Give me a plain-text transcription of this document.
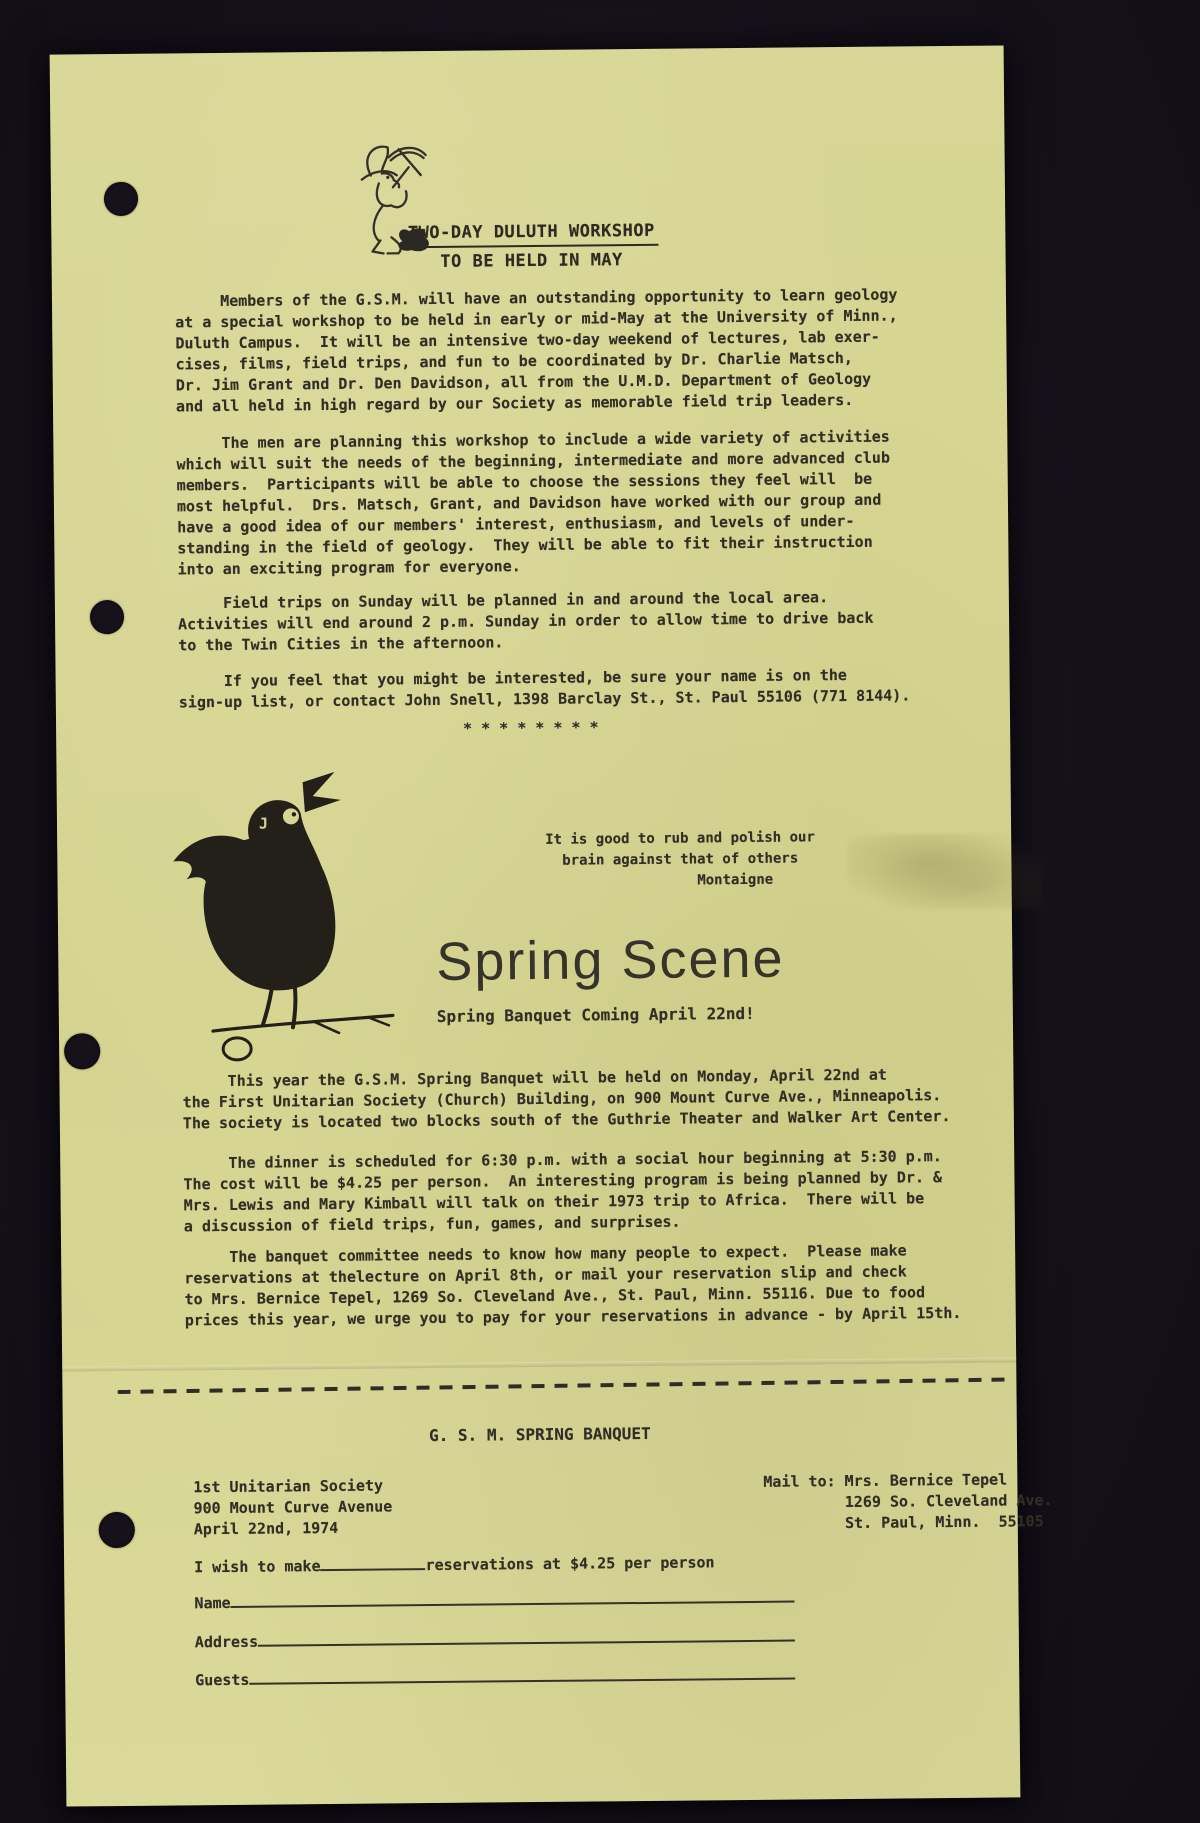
TWO-DAY DULUTH WORKSHOP
TO BE HELD IN MAY
Members of the G.S.M. will have an outstanding opportunity to learn geology
at a special workshop to be held in early or mid-May at the University of Minn.,
Duluth Campus.  It will be an intensive two-day weekend of lectures, lab exer-
cises, films, field trips, and fun to be coordinated by Dr. Charlie Matsch,
Dr. Jim Grant and Dr. Den Davidson, all from the U.M.D. Department of Geology
and all held in high regard by our Society as memorable field trip leaders.
The men are planning this workshop to include a wide variety of activities
which will suit the needs of the beginning, intermediate and more advanced club
members.  Participants will be able to choose the sessions they feel will  be
most helpful.  Drs. Matsch, Grant, and Davidson have worked with our group and
have a good idea of our members' interest, enthusiasm, and levels of under-
standing in the field of geology.  They will be able to fit their instruction
into an exciting program for everyone.
Field trips on Sunday will be planned in and around the local area.
Activities will end around 2 p.m. Sunday in order to allow time to drive back
to the Twin Cities in the afternoon.
If you feel that you might be interested, be sure your name is on the
sign-up list, or contact John Snell, 1398 Barclay St., St. Paul 55106 (771 8144).
* * * * * * * *
J
It is good to rub and polish our
brain against that of others
Montaigne
Spring Scene
Spring Banquet Coming April 22nd!
This year the G.S.M. Spring Banquet will be held on Monday, April 22nd at
the First Unitarian Society (Church) Building, on 900 Mount Curve Ave., Minneapolis.
The society is located two blocks south of the Guthrie Theater and Walker Art Center.
The dinner is scheduled for 6:30 p.m. with a social hour beginning at 5:30 p.m.
The cost will be $4.25 per person.  An interesting program is being planned by Dr. &
Mrs. Lewis and Mary Kimball will talk on their 1973 trip to Africa.  There will be
a discussion of field trips, fun, games, and surprises.
The banquet committee needs to know how many people to expect.  Please make
reservations at thelecture on April 8th, or mail your reservation slip and check
to Mrs. Bernice Tepel, 1269 So. Cleveland Ave., St. Paul, Minn. 55116. Due to food
prices this year, we urge you to pay for your reservations in advance - by April 15th.
G. S. M. SPRING BANQUET
1st Unitarian Society
900 Mount Curve Avenue
April 22nd, 1974
Mail to: Mrs. Bernice Tepel
1269 So. Cleveland Ave.
St. Paul, Minn.  55105
I wish to make	reservations at $4.25 per person
Name
Address
Guests
